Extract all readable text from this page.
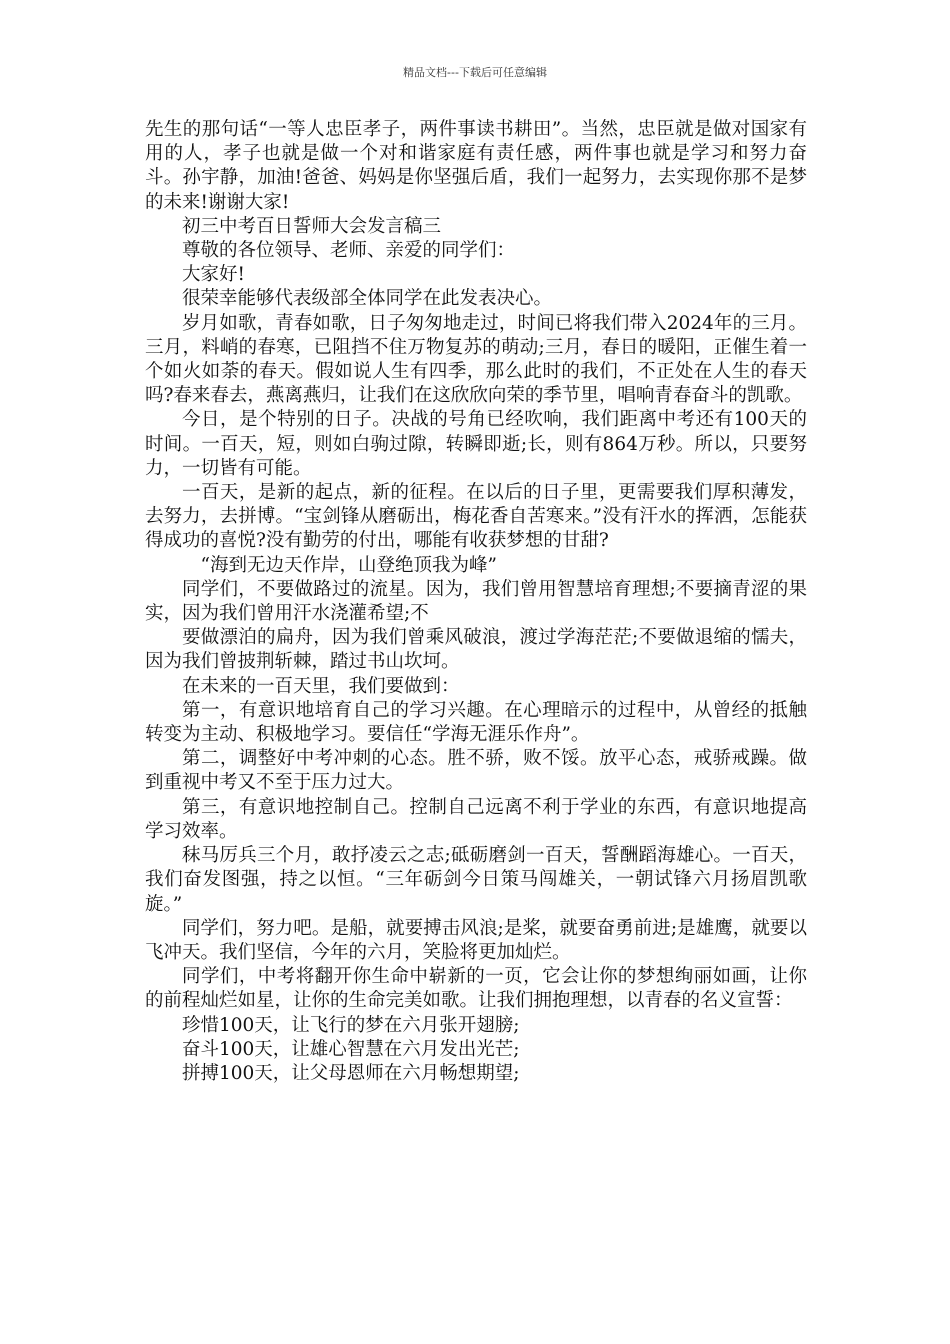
精品文档---下载后可任意编辑

先生的那句话“一等人忠臣孝子，两件事读书耕田”。当然，忠臣就是做对国家有用的人，孝子也就是做一个对和谐家庭有责任感，两件事也就是学习和努力奋斗。孙宇静，加油!爸爸、妈妈是你坚强后盾，我们一起努力，去实现你那不是梦的未来!谢谢大家!

初三中考百日誓师大会发言稿三

尊敬的各位领导、老师、亲爱的同学们：

大家好!

很荣幸能够代表级部全体同学在此发表决心。

岁月如歌，青春如歌，日子匆匆地走过，时间已将我们带入2024年的三月。三月，料峭的春寒，已阻挡不住万物复苏的萌动;三月，春日的暖阳，正催生着一个如火如荼的春天。假如说人生有四季，那么此时的我们，不正处在人生的春天吗?春来春去，燕离燕归，让我们在这欣欣向荣的季节里，唱响青春奋斗的凯歌。

今日，是个特别的日子。决战的号角已经吹响，我们距离中考还有100天的时间。一百天，短，则如白驹过隙，转瞬即逝;长，则有864万秒。所以，只要努力，一切皆有可能。

一百天，是新的起点，新的征程。在以后的日子里，更需要我们厚积薄发，去努力，去拼博。“宝剑锋从磨砺出，梅花香自苦寒来。”没有汗水的挥洒，怎能获得成功的喜悦?没有勤劳的付出，哪能有收获梦想的甘甜?

“海到无边天作岸，山登绝顶我为峰”

同学们，不要做路过的流星。因为，我们曾用智慧培育理想;不要摘青涩的果实，因为我们曾用汗水浇灌希望;不

要做漂泊的扁舟，因为我们曾乘风破浪，渡过学海茫茫;不要做退缩的懦夫，因为我们曾披荆斩棘，踏过书山坎坷。

在未来的一百天里，我们要做到：

第一，有意识地培育自己的学习兴趣。在心理暗示的过程中，从曾经的抵触转变为主动、积极地学习。要信任“学海无涯乐作舟”。

第二，调整好中考冲刺的心态。胜不骄，败不馁。放平心态，戒骄戒躁。做到重视中考又不至于压力过大。

第三，有意识地控制自己。控制自己远离不利于学业的东西，有意识地提高学习效率。

秣马厉兵三个月，敢抒凌云之志;砥砺磨剑一百天，誓酬蹈海雄心。一百天，我们奋发图强，持之以恒。“三年砺剑今日策马闯雄关，一朝试锋六月扬眉凯歌旋。”

同学们，努力吧。是船，就要搏击风浪;是桨，就要奋勇前进;是雄鹰，就要以飞冲天。我们坚信，今年的六月，笑脸将更加灿烂。

同学们，中考将翻开你生命中崭新的一页，它会让你的梦想绚丽如画，让你的前程灿烂如星，让你的生命完美如歌。让我们拥抱理想，以青春的名义宣誓：

珍惜100天，让飞行的梦在六月张开翅膀;

奋斗100天，让雄心智慧在六月发出光芒;

拼搏100天，让父母恩师在六月畅想期望;
